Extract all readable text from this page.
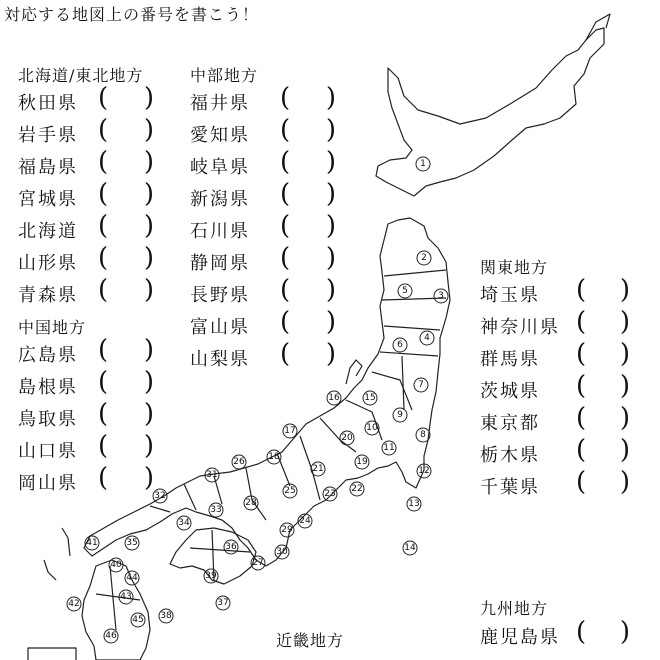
対応する地図上の番号を書こう！
1
2
3
4
5
6
7
8
9
10
11
12
13
14
15
16
17
18	19
20
21
22
23
24
25
26
27
28
29
30
31
32
33
34
35	36
37
38
39
40
41
42
43
44
45
46
北海道/東北地方
秋田県 ( )
岩手県 ( )
福島県 ( )
宮城県 ( )
北海道 ( )
山形県 ( )
青森県 ( )
中国地方
広島県 ( )
島根県 ( )
鳥取県 ( )
山口県 ( )
岡山県 ( )
中部地方
福井県	( )
愛知県	( )
岐阜県	( )
新潟県	( )
石川県	( )
静岡県	( )
長野県	( )
富山県	( )
山梨県	( )
関東地方
埼玉県	( )
神奈川県 ( )
群馬県	( )
茨城県	( )
東京都	( )
栃木県	( )
千葉県	( )
九州地方
鹿児島県 ( )
近畿地方
